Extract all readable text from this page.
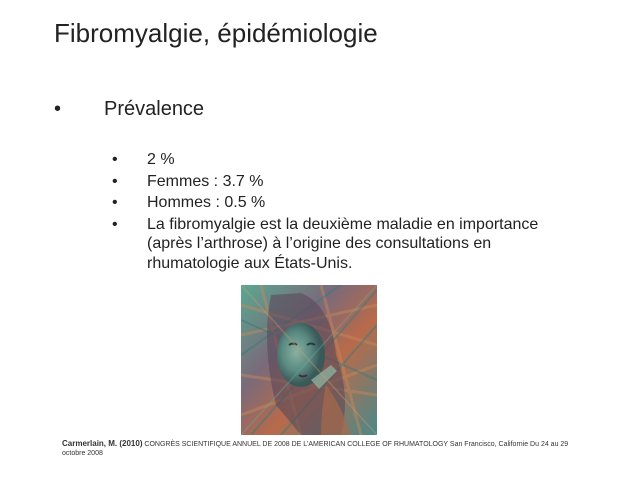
Fibromyalgie, épidémiologie
• Prévalence
• 2 %
• Femmes : 3.7 %
• Hommes : 0.5 %
• La fibromyalgie est la deuxième maladie en importance (après l’arthrose) à l’origine des consultations en rhumatologie aux États-Unis.
Carmerlain, M. (2010) CONGRÈS SCIENTIFIQUE ANNUEL DE 2008 DE L’AMERICAN COLLEGE OF RHUMATOLOGY San Francisco, Californie Du 24 au 29 octobre 2008
